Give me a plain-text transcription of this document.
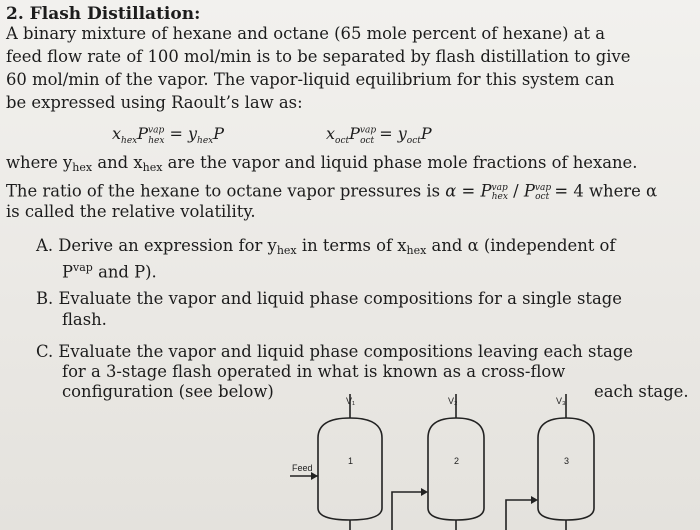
2. Flash Distillation:
A binary mixture of hexane and octane (65 mole percent of hexane) at a
feed flow rate of 100 mol/min is to be separated by flash distillation to give
60 mol/min of the vapor. The vapor-liquid equilibrium for this system can
be expressed using Raoult’s law as:
$x_{hex}P^{vap}_{hex} = y_{hex}P$	$x_{oct}P^{vap}_{oct} = y_{oct}P$
where $y_{hex}$ and $x_{hex}$ are the vapor and liquid phase mole fractions of hexane.
The ratio of the hexane to octane vapor pressures is $\alpha = P^{vap}_{hex} / P^{vap}_{oct} = 4$ where α
is called the relative volatility.
A. Derive an expression for $y_{hex}$ in terms of $x_{hex}$ and α (independent of
$P^{vap}$ and P).
B. Evaluate the vapor and liquid phase compositions for a single stage
flash.
C. Evaluate the vapor and liquid phase compositions leaving each stage
for a 3-stage flash operated in what is known as a cross-flow
configuration (see below)	each stage.
Feed
1	2	3
V₁	V₂	V₃
